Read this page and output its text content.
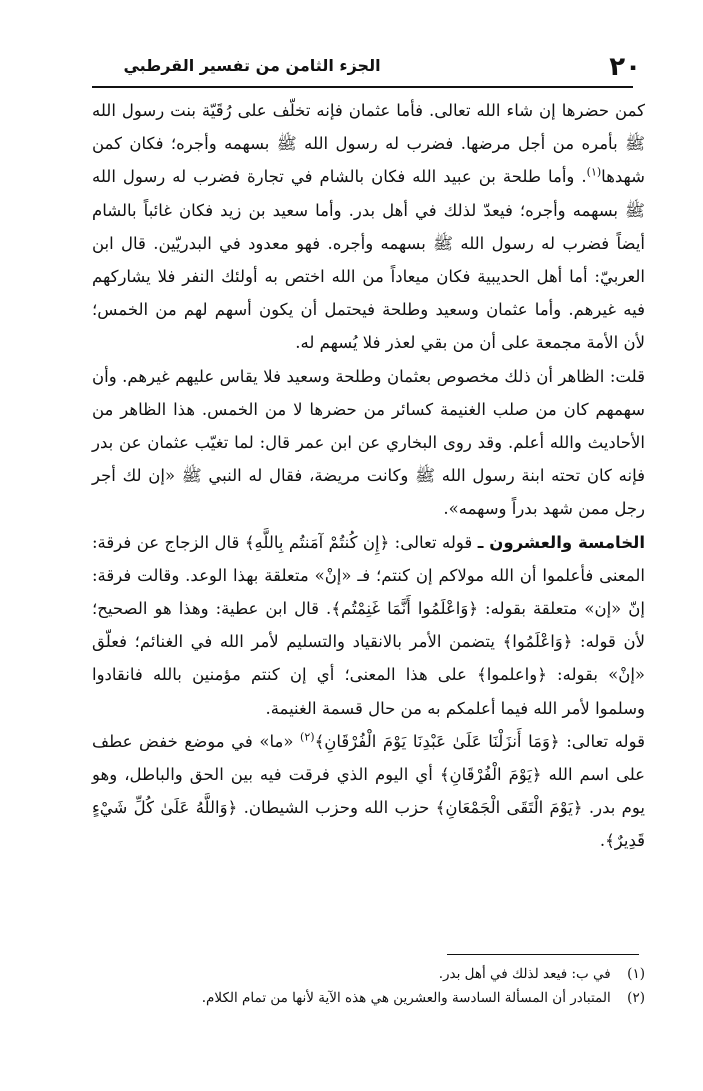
٢٠
الجزء الثامن من تفسير القرطبي

كمن حضرها إن شاء الله تعالى. فأما عثمان فإنه تخلّف على رُقَيّة بنت رسول الله ﷺ بأمره من أجل مرضها. فضرب له رسول الله ﷺ بسهمه وأجره؛ فكان كمن شهدها$^{(١)}$. وأما طلحة بن عبيد الله فكان بالشام في تجارة فضرب له رسول الله ﷺ بسهمه وأجره؛ فيعدّ لذلك في أهل بدر. وأما سعيد بن زيد فكان غائباً بالشام أيضاً فضرب له رسول الله ﷺ بسهمه وأجره. فهو معدود في البدريّين. قال ابن العربيّ: أما أهل الحديبية فكان ميعاداً من الله اختص به أولئك النفر فلا يشاركهم فيه غيرهم. وأما عثمان وسعيد وطلحة فيحتمل أن يكون أسهم لهم من الخمس؛ لأن الأمة مجمعة على أن من بقي لعذر فلا يُسهم له.

قلت: الظاهر أن ذلك مخصوص بعثمان وطلحة وسعيد فلا يقاس عليهم غيرهم. وأن سهمهم كان من صلب الغنيمة كسائر من حضرها لا من الخمس. هذا الظاهر من الأحاديث والله أعلم. وقد روى البخاري عن ابن عمر قال: لما تغيّب عثمان عن بدر فإنه كان تحته ابنة رسول الله ﷺ وكانت مريضة، فقال له النبي ﷺ «إن لك أجر رجل ممن شهد بدراً وسهمه».

الخامسة والعشرون ـ قوله تعالى: ﴿إِن كُنتُمْ آمَنتُم بِاللَّهِ﴾ قال الزجاج عن فرقة: المعنى فأعلموا أن الله مولاكم إن كنتم؛ فـ «إنْ» متعلقة بهذا الوعد. وقالت فرقة: إنّ «إن» متعلقة بقوله: ﴿وَاعْلَمُوا أَنَّمَا غَنِمْتُم﴾. قال ابن عطية: وهذا هو الصحيح؛ لأن قوله: ﴿وَاعْلَمُوا﴾ يتضمن الأمر بالانقياد والتسليم لأمر الله في الغنائم؛ فعلّق «إنْ» بقوله: ﴿واعلموا﴾ على هذا المعنى؛ أي إن كنتم مؤمنين بالله فانقادوا وسلموا لأمر الله فيما أعلمكم به من حال قسمة الغنيمة.

قوله تعالى: ﴿وَمَا أَنزَلْنَا عَلَىٰ عَبْدِنَا يَوْمَ الْفُرْقَانِ﴾$^{(٢)}$ «ما» في موضع خفض عطف على اسم الله ﴿يَوْمَ الْفُرْقَانِ﴾ أي اليوم الذي فرقت فيه بين الحق والباطل، وهو يوم بدر. ﴿يَوْمَ الْتَقَى الْجَمْعَانِ﴾ حزب الله وحزب الشيطان. ﴿وَاللَّهُ عَلَىٰ كُلِّ شَيْءٍ قَدِيرٌ﴾.

(١) في ب: فيعد لذلك في أهل بدر.

(٢) المتبادر أن المسألة السادسة والعشرين هي هذه الآية لأنها من تمام الكلام.
